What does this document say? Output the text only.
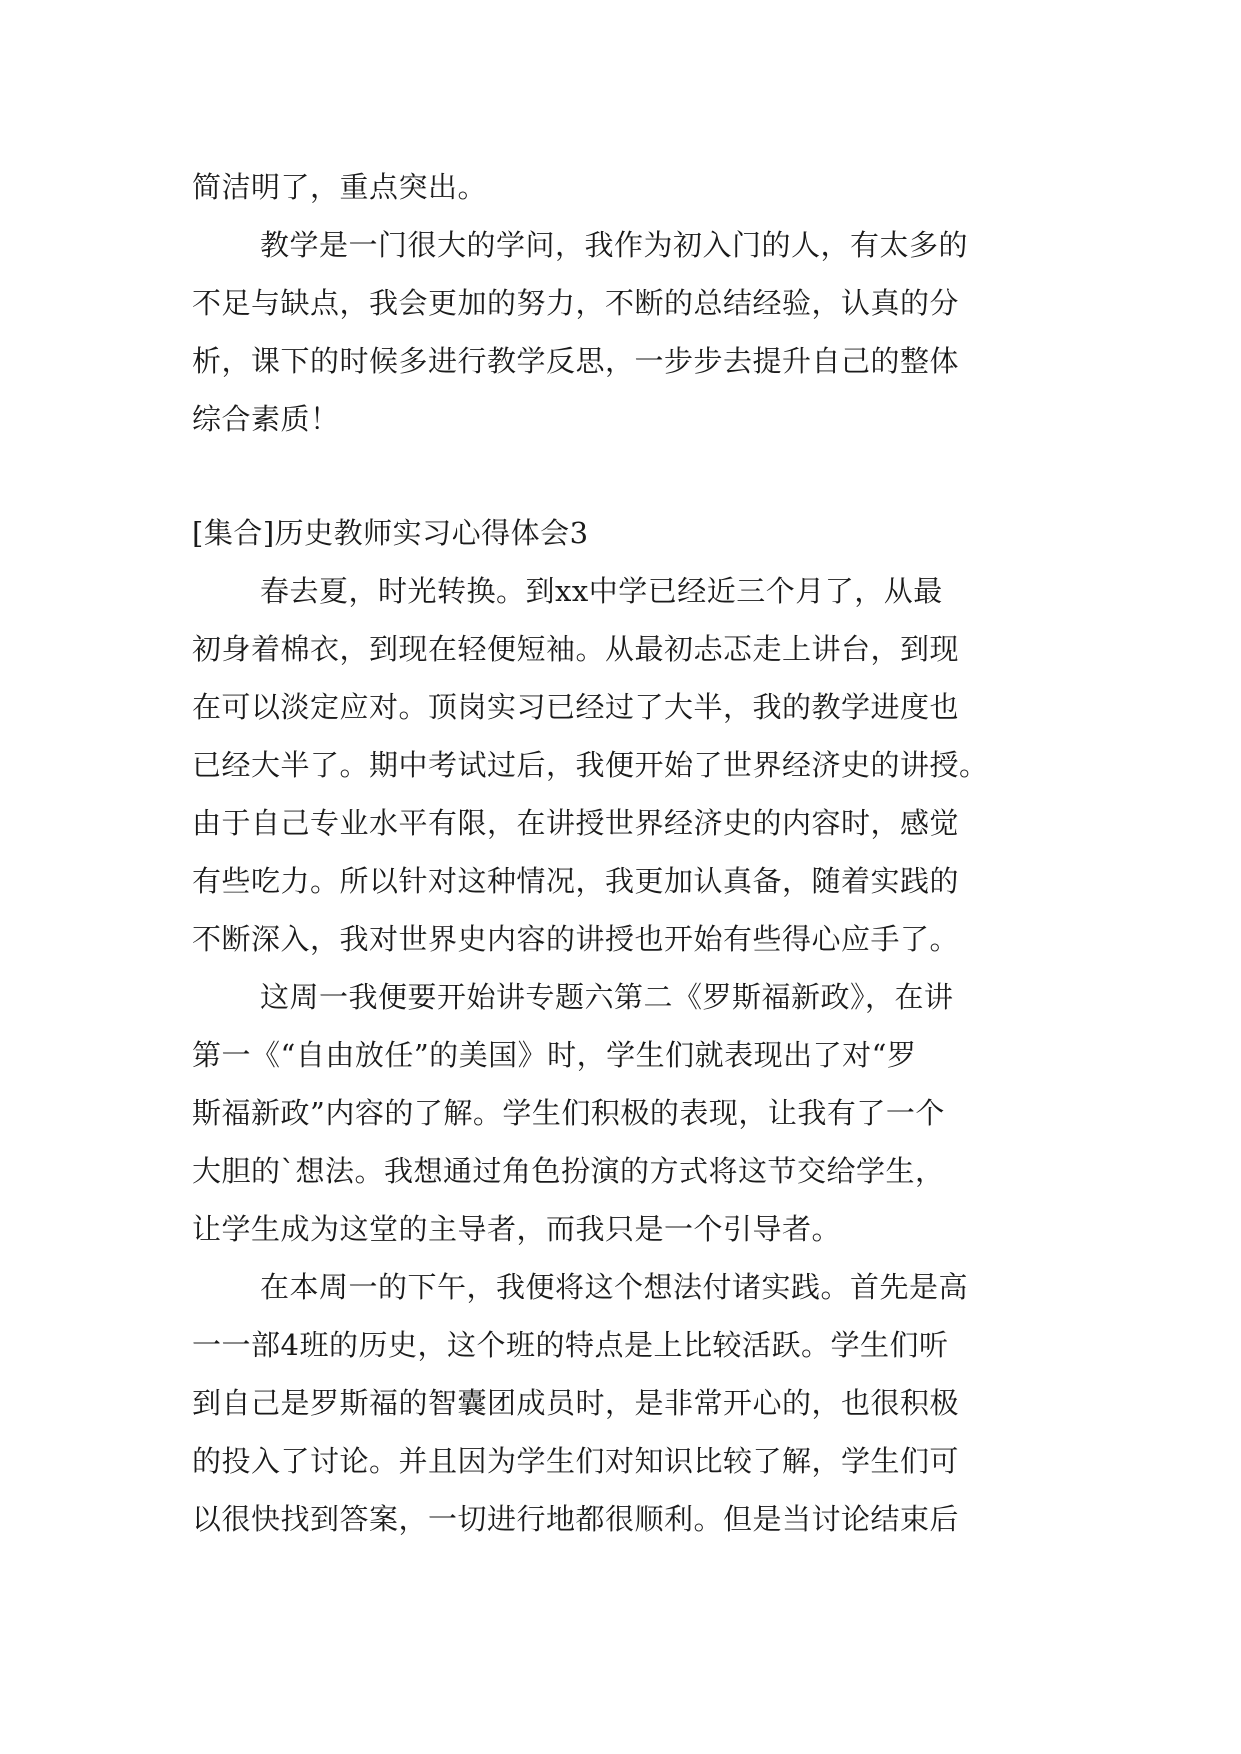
简洁明了，重点突出。
教学是一门很大的学问，我作为初入门的人，有太多的
不足与缺点，我会更加的努力，不断的总结经验，认真的分
析，课下的时候多进行教学反思，一步步去提升自己的整体
综合素质！
[集合]历史教师实习心得体会3
春去夏，时光转换。到xx中学已经近三个月了，从最
初身着棉衣，到现在轻便短袖。从最初忐忑走上讲台，到现
在可以淡定应对。顶岗实习已经过了大半，我的教学进度也
已经大半了。期中考试过后，我便开始了世界经济史的讲授。
由于自己专业水平有限，在讲授世界经济史的内容时，感觉
有些吃力。所以针对这种情况，我更加认真备，随着实践的
不断深入，我对世界史内容的讲授也开始有些得心应手了。
这周一我便要开始讲专题六第二《罗斯福新政》，在讲
第一《“自由放任”的美国》时，学生们就表现出了对“罗
斯福新政”内容的了解。学生们积极的表现，让我有了一个
大胆的`想法。我想通过角色扮演的方式将这节交给学生，
让学生成为这堂的主导者，而我只是一个引导者。
在本周一的下午，我便将这个想法付诸实践。首先是高
一一部4班的历史，这个班的特点是上比较活跃。学生们听
到自己是罗斯福的智囊团成员时，是非常开心的，也很积极
的投入了讨论。并且因为学生们对知识比较了解，学生们可
以很快找到答案，一切进行地都很顺利。但是当讨论结束后
